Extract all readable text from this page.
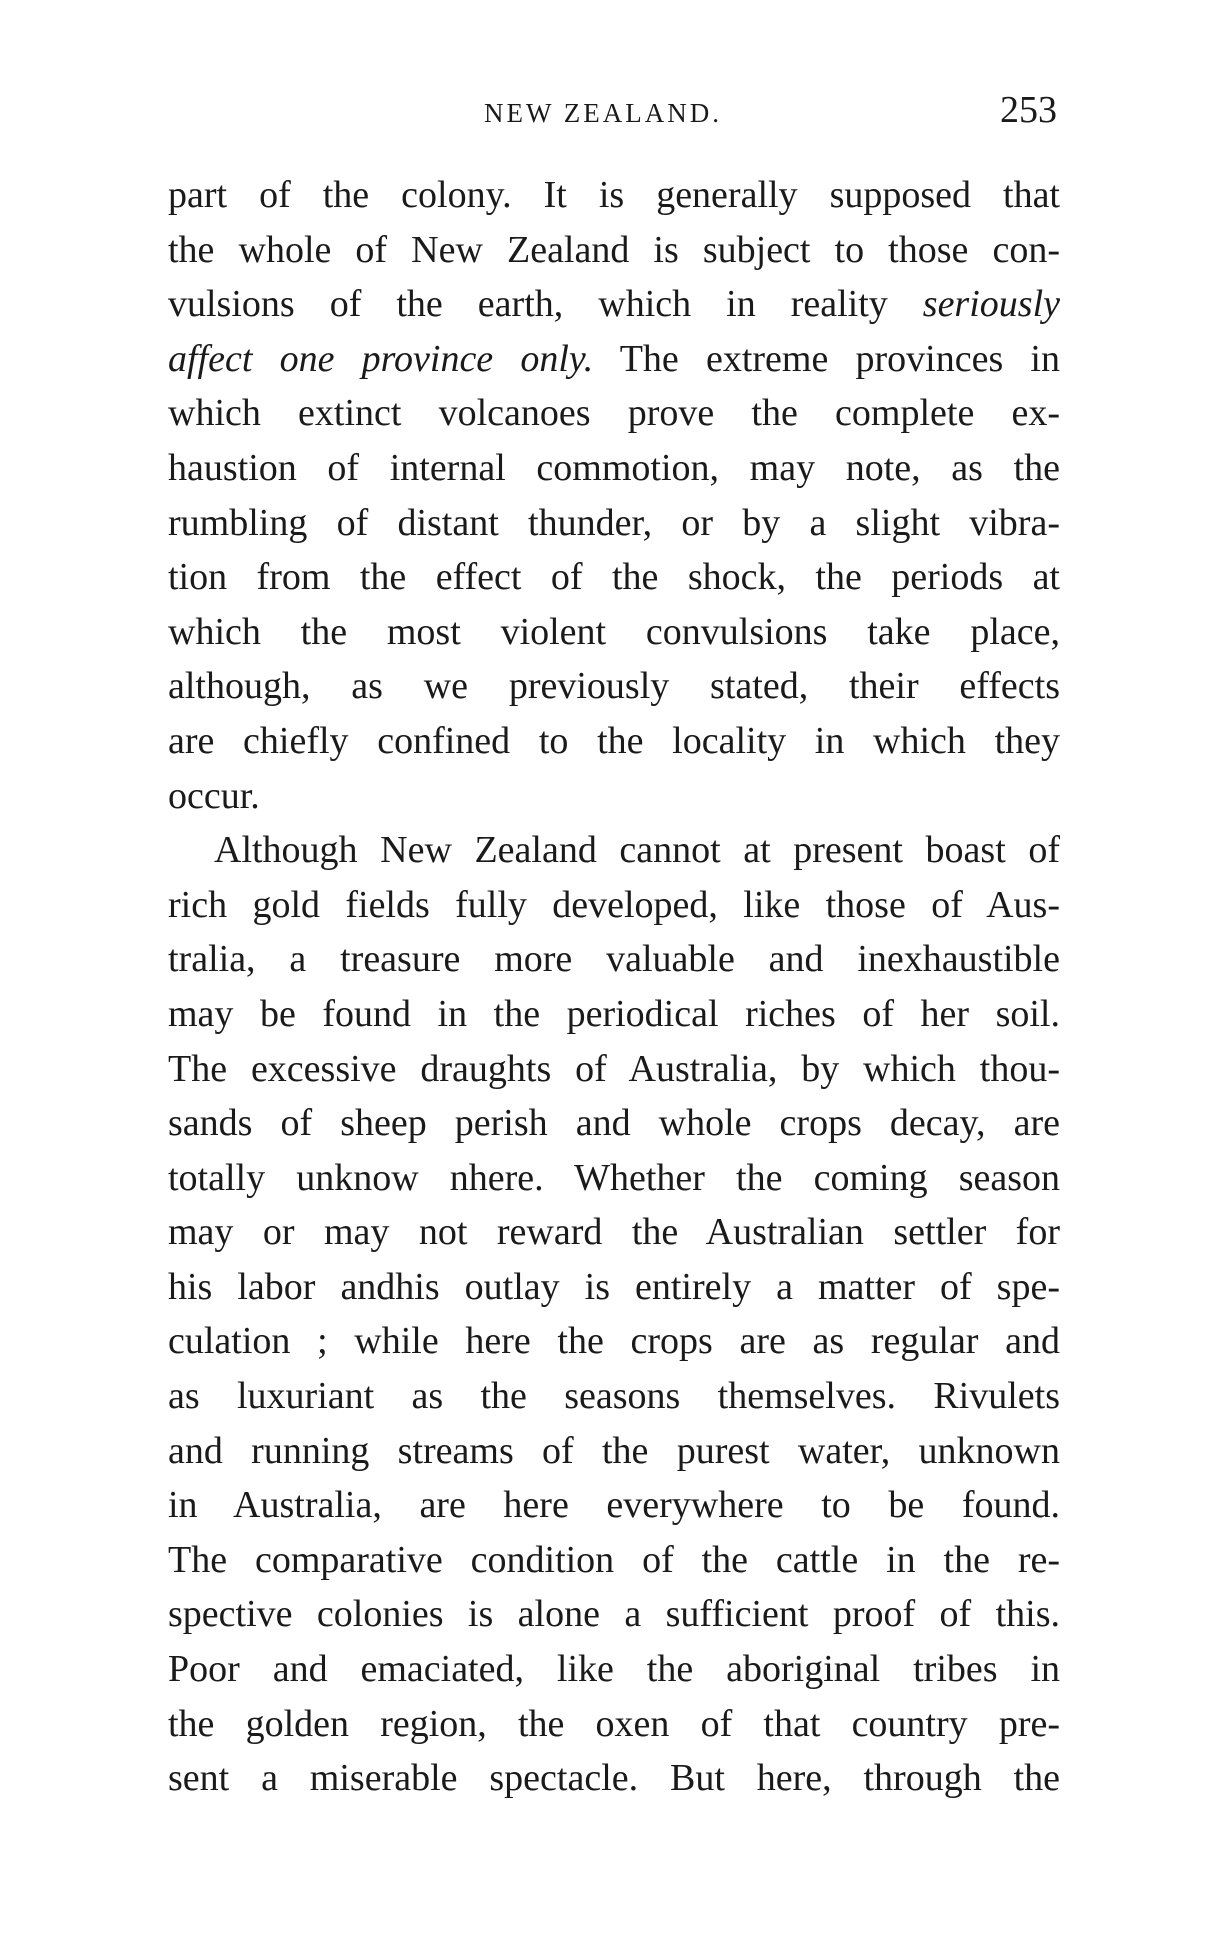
NEW ZEALAND.	253
part of the colony. It is generally supposed that
the whole of New Zealand is subject to those con-
vulsions of the earth, which in reality seriously
affect one province only. The extreme provinces in
which extinct volcanoes prove the complete ex-
haustion of internal commotion, may note, as the
rumbling of distant thunder, or by a slight vibra-
tion from the effect of the shock, the periods at
which the most violent convulsions take place,
although, as we previously stated, their effects
are chiefly confined to the locality in which they
occur.
Although New Zealand cannot at present boast of
rich gold fields fully developed, like those of Aus-
tralia, a treasure more valuable and inexhaustible
may be found in the periodical riches of her soil.
The excessive draughts of Australia, by which thou-
sands of sheep perish and whole crops decay, are
totally unknow nhere. Whether the coming season
may or may not reward the Australian settler for
his labor andhis outlay is entirely a matter of spe-
culation ; while here the crops are as regular and
as luxuriant as the seasons themselves. Rivulets
and running streams of the purest water, unknown
in Australia, are here everywhere to be found.
The comparative condition of the cattle in the re-
spective colonies is alone a sufficient proof of this.
Poor and emaciated, like the aboriginal tribes in
the golden region, the oxen of that country pre-
sent a miserable spectacle. But here, through the
